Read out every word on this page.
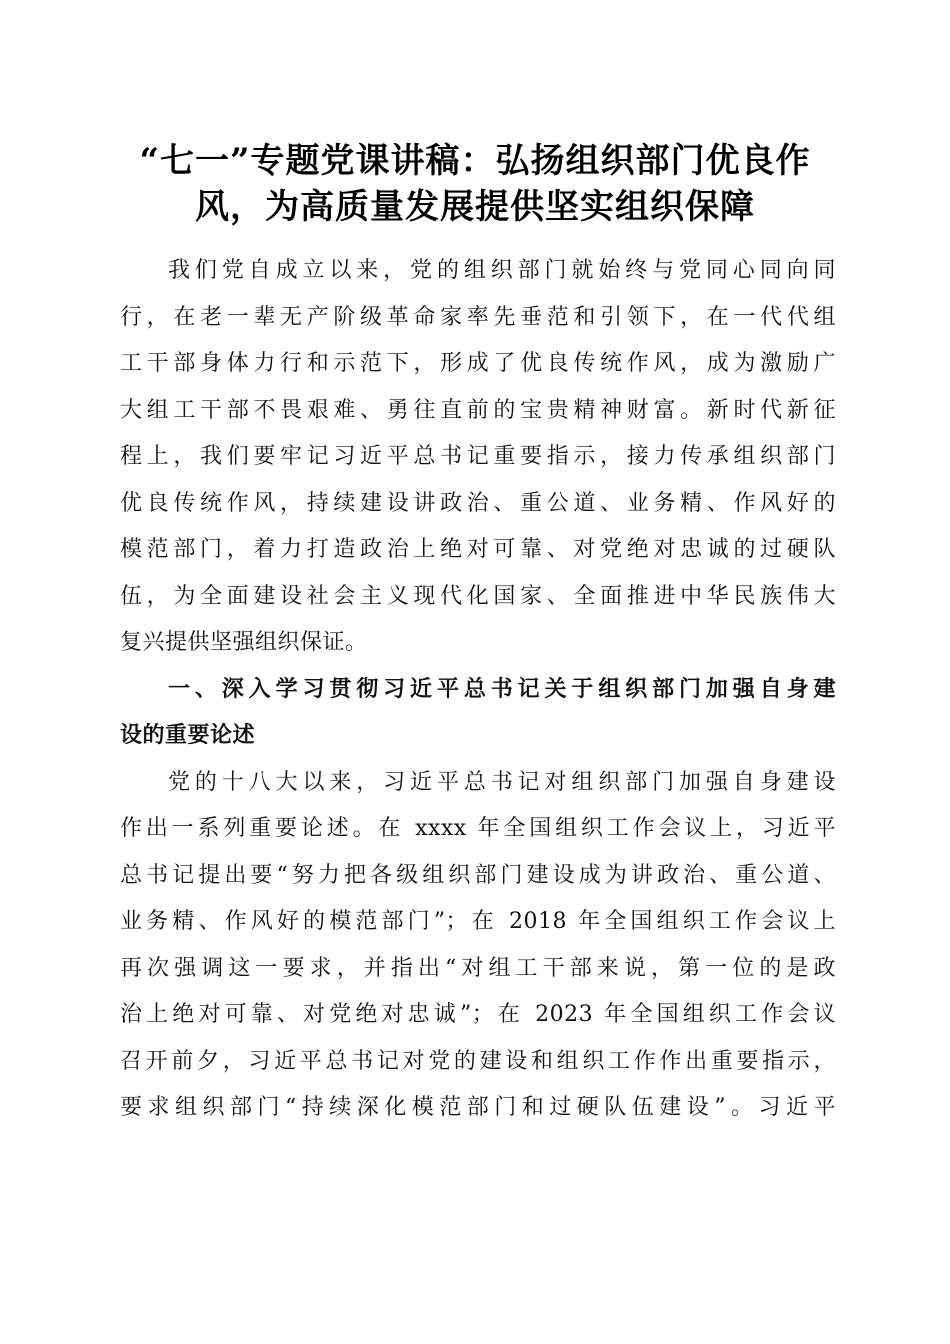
“七一”专题党课讲稿：弘扬组织部门优良作
风，为高质量发展提供坚实组织保障
我们党自成立以来，党的组织部门就始终与党同心同向同
行，在老一辈无产阶级革命家率先垂范和引领下，在一代代组
工干部身体力行和示范下，形成了优良传统作风，成为激励广
大组工干部不畏艰难、勇往直前的宝贵精神财富。新时代新征
程上，我们要牢记习近平总书记重要指示，接力传承组织部门
优良传统作风，持续建设讲政治、重公道、业务精、作风好的
模范部门，着力打造政治上绝对可靠、对党绝对忠诚的过硬队
伍，为全面建设社会主义现代化国家、全面推进中华民族伟大
复兴提供坚强组织保证。
一、深入学习贯彻习近平总书记关于组织部门加强自身建
设的重要论述
党的十八大以来，习近平总书记对组织部门加强自身建设
作出一系列重要论述。在 xxxx 年全国组织工作会议上，习近平
总书记提出要“努力把各级组织部门建设成为讲政治、重公道、
业务精、作风好的模范部门”；在 2018 年全国组织工作会议上
再次强调这一要求，并指出“对组工干部来说，第一位的是政
治上绝对可靠、对党绝对忠诚”；在 2023 年全国组织工作会议
召开前夕，习近平总书记对党的建设和组织工作作出重要指示，
要求组织部门“持续深化模范部门和过硬队伍建设”。习近平
